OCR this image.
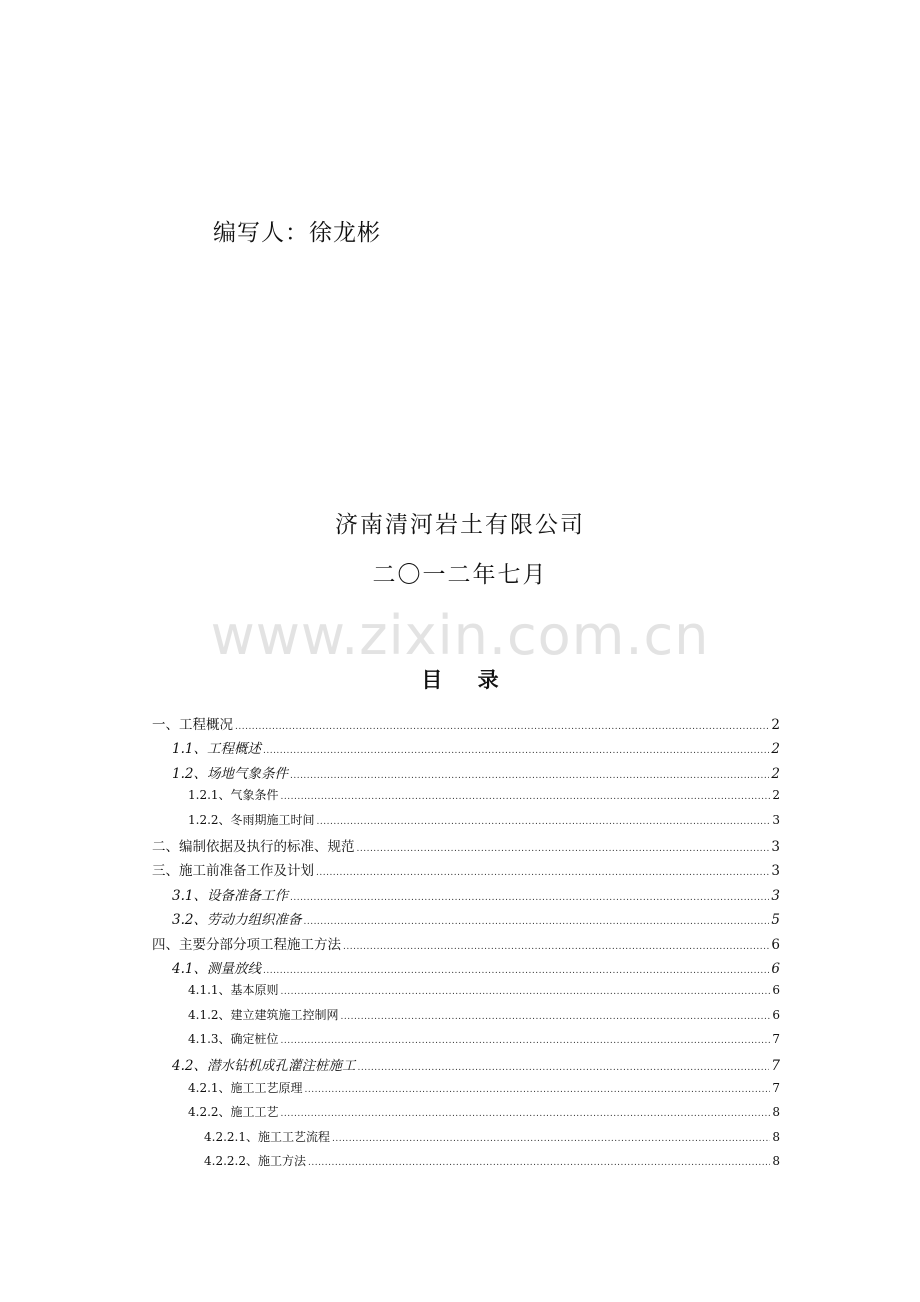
编写人：徐龙彬
济南清河岩土有限公司
二〇一二年七月
www.zixin.com.cn
目 录
一、工程概况 .....	2
1.1、工程概述 .....	2
1.2、场地气象条件 .....	2
1.2.1、气象条件 .....	2
1.2.2、冬雨期施工时间 .....	3
二、编制依据及执行的标准、规范 .....	3
三、施工前准备工作及计划 .....	3
3.1、设备准备工作 .....	3
3.2、劳动力组织准备 .....	5
四、主要分部分项工程施工方法 .....	6
4.1、测量放线 .....	6
4.1.1、基本原则 .....	6
4.1.2、建立建筑施工控制网 .....	6
4.1.3、确定桩位 .....	7
4.2、潜水钻机成孔灌注桩施工 .....	7
4.2.1、施工工艺原理 .....	7
4.2.2、施工工艺 .....	8
4.2.2.1、施工工艺流程 .....	8
4.2.2.2、施工方法 .....	8
